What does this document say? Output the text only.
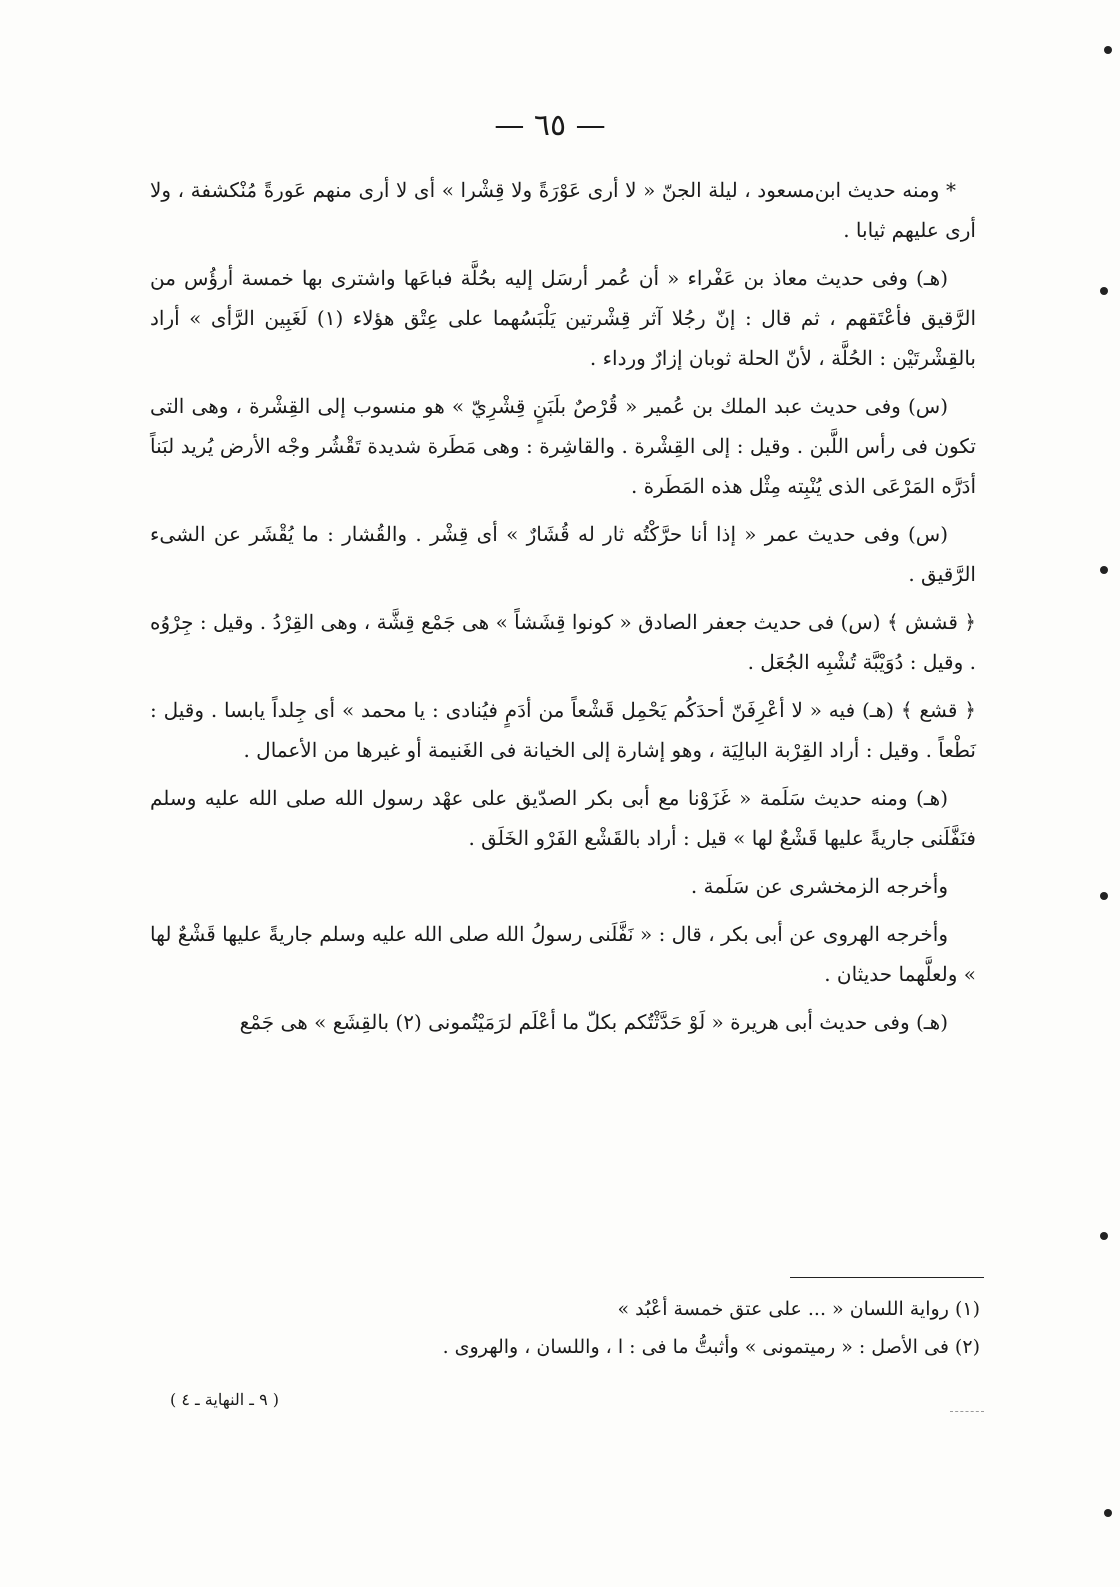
— ٦٥ —

* ومنه حديث ابن‌مسعود ، ليلة الجنّ « لا أرى عَوْرَةً ولا قِشْرا » أى لا أرى منهم عَورةً مُنْكشفة ، ولا أرى عليهم ثيابا .

(هـ) وفى حديث معاذ بن عَفْراء « أن عُمر أرسَل إليه بحُلَّة فباعَها واشترى بها خمسة أرؤُس من الرَّقيق فأعْتَقهم ، ثم قال : إنّ رجُلا آثر قِشْرتين يَلْبَسُهما على عِتْق هؤلاء (١) لَغَبِين الرَّأى » أراد بالقِشْرتَيْن : الحُلَّة ، لأنّ الحلة ثوبان إزارٌ ورداء .

(س) وفى حديث عبد الملك بن عُمير « قُرْصٌ بلَبَنٍ قِشْرِيّ » هو منسوب إلى القِشْرة ، وهى التى تكون فى رأس اللَّبن . وقيل : إلى القِشْرة . والقاشِرة : وهى مَطَرة شديدة تَقْشُر وجْه الأرض يُريد لبَناً أدَرَّه المَرْعَى الذى يُنْبِته مِثْل هذه المَطَرة .

(س) وفى حديث عمر « إذا أنا حرَّكْتُه ثار له قُشَارٌ » أى قِشْر . والقُشار : ما يُقْشَر عن الشىء الرَّقيق .

﴿ قشش ﴾ (س) فى حديث جعفر الصادق « كونوا قِشَشاً » هى جَمْع قِشَّة ، وهى القِرْدُ . وقيل : جِرْوُه . وقيل : دُوَيْبَّة تُشْبِه الجُعَل .

﴿ قشع ﴾ (هـ) فيه « لا أعْرِفَنّ أحدَكُم يَحْمِل قَشْعاً من أدَمٍ فيُنادى : يا محمد » أى جِلداً يابسا . وقيل : نَطْعاً . وقيل : أراد القِرْبة البالِيَة ، وهو إشارة إلى الخيانة فى الغَنيمة أو غيرها من الأعمال .

(هـ) ومنه حديث سَلَمة « غَزَوْنا مع أبى بكر الصدّيق على عهْد رسول الله صلى الله عليه وسلم فنَفَّلَنى جاريةً عليها قَشْعٌ لها » قيل : أراد بالقَشْع الفَرْو الخَلَق .

وأخرجه الزمخشرى عن سَلَمة .

وأخرجه الهروى عن أبى بكر ، قال : « نَفَّلَنى رسولُ الله صلى الله عليه وسلم جاريةً عليها قَشْعٌ لها » ولعلَّهما حديثان .

(هـ) وفى حديث أبى هريرة « لَوْ حَدَّثْتُكم بكلّ ما أعْلَم لرَمَيْتُمونى (٢) بالقِشَع » هى جَمْع

(١) رواية اللسان « ... على عتق خمسة أعْبُد »

(٢) فى الأصل : « رميتمونى » وأثبتُّ ما فى : ا ، واللسان ، والهروى .

( ٩ ـ النهاية ـ ٤ )
